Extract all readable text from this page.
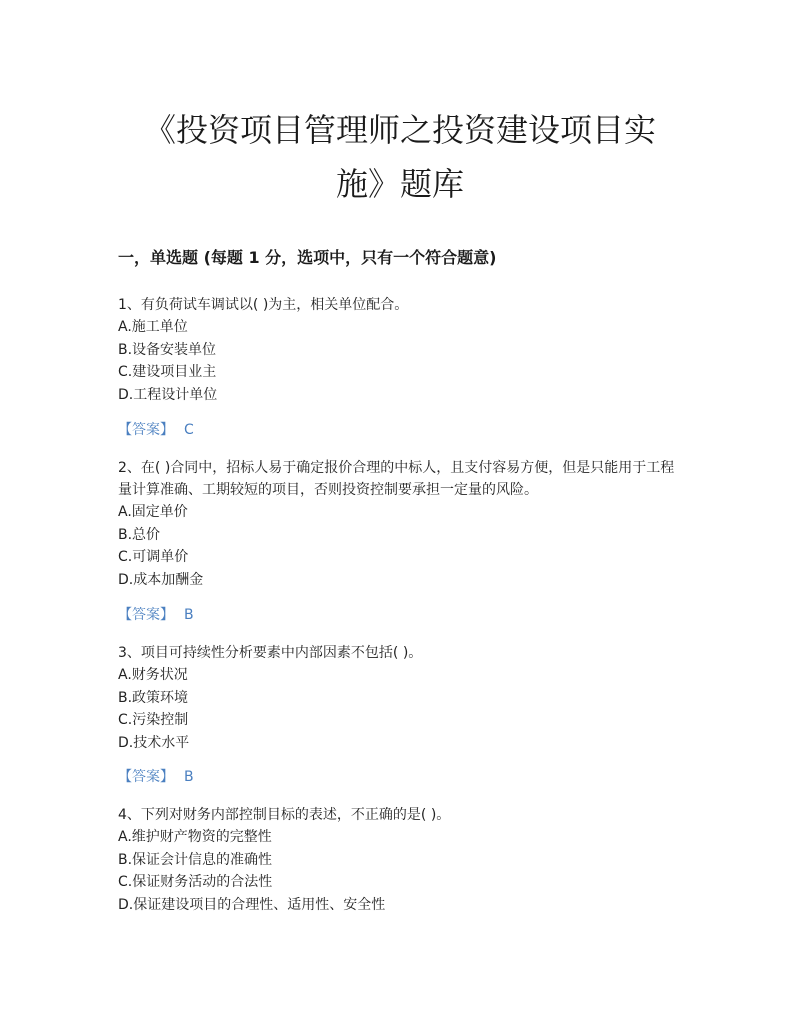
《投资项目管理师之投资建设项目实
施》题库
一，单选题 (每题 1 分，选项中，只有一个符合题意)
1、有负荷试车调试以( )为主，相关单位配合。
A.施工单位
B.设备安装单位
C.建设项目业主
D.工程设计单位
【答案】 C
2、在( )合同中，招标人易于确定报价合理的中标人，且支付容易方便，但是只能用于工程量计算准确、工期较短的项目，否则投资控制要承担一定量的风险。
A.固定单价
B.总价
C.可调单价
D.成本加酬金
【答案】 B
3、项目可持续性分析要素中内部因素不包括( )。
A.财务状况
B.政策环境
C.污染控制
D.技术水平
【答案】 B
4、下列对财务内部控制目标的表述，不正确的是( )。
A.维护财产物资的完整性
B.保证会计信息的准确性
C.保证财务活动的合法性
D.保证建设项目的合理性、适用性、安全性
